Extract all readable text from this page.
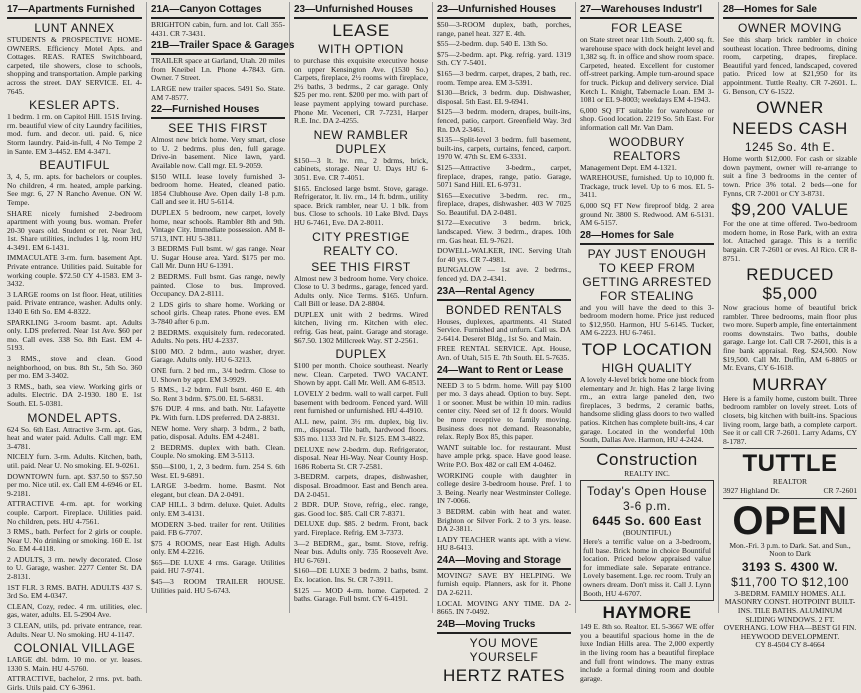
17—Apartments Furnished
LUNT ANNEX

STUDENTS & PROSPECTIVE HOME-OWNERS. Efficiency Motel Apts. and Cottages. REAS. RATES Switchboard, carpeted, tile showers, close to schools, shopping and transportation. Ample parking across the street. DAY SERVICE. EL 4-7645.

KESLER APTS.

1 bedrm. 1 rm. on Capitol Hill. 151S Irving. rm. beautiful view of city Laundry facilities, mod. furn. and decor. uti. paid. 6, nice Storm laundry. Paid-in-full, 4 No Tempe 2 in Sante. EM 3-4452. EM 4-3471.

BEAUTIFUL

3, 4, 5, rm. apts. for bachelors or couples. No children, 4 rm. heated, ample parking. See mgr. 6, 27 N Rancho Avenue. ON W. Tempe.

SHARE nicely furnished 2-bedroom apartment with young bus. woman. Prefer 20-30 years old. Student or ret. Near 3rd, 1st. Share utilities, includes 1 lg. room HU 4-3491. EM 6-1431.

IMMACULATE 3-rm. furn. basement Apt. Private entrance. Utilities paid. Suitable for working couple. $72.50 CY 4-1583. EM 3-3432.

3 LARGE rooms on 1st floor. Heat, utilities paid. Private entrance, washer. Adults only. 1340 E 6th So. EM 4-8322.

SPARKLING 3-room basmt. apt. Adults only. LDS preferred. Near 1st Ave. $60 per mo. Call eves. 338 So. 8th East. EM 4-5193.

3 RMS., stove and clean. Good neighborhood, on bus. 8th St., 5th So. 360 per mo. EM 3-3402.

3 RMS., bath, sea view. Working girls or adults. Electric. DA 2-1930. 180 E. 1st South. EL 5-0381.

MONDEL APTS.

624 So. 6th East. Attractive 3-rm. apt. Gas, heat and water paid. Adults. Call mgr. EM 3-4781.

NICELY furn. 3-rm. Adults. Kitchen, bath, util. paid. Near U. No smoking. EL 9-0261.

DOWNTOWN furn. apt. $37.50 to $57.50 per mo. Nice util. ex. Call EM 4-6946 or EL 9-2181.

ATTRACTIVE 4-rm. apt. for working couple. Carport. Fireplace. Utilities paid. No children, pets. HU 4-7561.

3 RMS., bath. Perfect for 2 girls or couple. Near U. No drinking or smoking. 160 E. 1st So. EM 4-4118.

2 ADULTS, 3 rm. newly decorated. Close to U. Garage, washer. 2277 Center St. DA 2-8131.

1ST FLR. 3 RMS. BATH. ADULTS 437 S. 3rd So. EM 4-0347.

CLEAN, Cozy, redec. 4 rm. utilities, elec. gas, water, adults. EL 5-2904 Ave.

3 CLEAN, utils, pd. private entrance, rear. Adults. Near U. No smoking. HU 4-1147.

COLONIAL VILLAGE

LARGE dbl. bdrm. 10 mo. or yr. leases. 1330 S. Main. HU 4-5760.

ATTRACTIVE, bachelor, 2 rms. pvt. bath. Girls. Utils paid. CY 6-3961.

21A—Canyon Cottages

BRIGHTON cabin, furn. and lot. Call 355-4431. CR 7-3431.

21B—Trailer Space & Garages

TRAILER space at Garland, Utah. 20 miles from Kneibel Ln. Phone 4-7843. Grn. Owner. 7 Street.

LARGE new trailer spaces. 5491 So. State. AM 7-8577.

22—Furnished Houses
SEE THIS FIRST

Almost new brick home. Very smart, close to U. 2 bedrms. plus den, full garage. Drive-in basement. Nice lawn, yard. Available now. Call mgr. EL 9-2059.

$150 WILL lease lovely furnished 3-bedroom home. Heated, cleaned patio. 1854 Clubhouse Ave. Open daily 1-8 p.m. Call and see it. HU 5-6114.

DUPLEX 5 bedroom, new carpet, lovely home, near schools. Rambler 8th and 9th. Vintage City. Immediate possession. AM 8-5713, INT. HU 5-3811.

3 BEDRMS Full bsmt. w/ gas range. Near U. Sugar House area. Yard. $175 per mo. Call Mr. Dunn HU 6-1391.

2 BEDRMS. Full bsmt. Gas range, newly painted. Close to bus. Improved. Occupancy. DA 2-8111.

2 LDS girls to share home. Working or school girls. Cheap rates. Phone eves. EM 3-7840 after 6 p.m.

2 BEDRMS. exquisitely furn. redecorated. Adults. No pets. HU 4-2337.

$100 MO. 2 bdrm., auto washer, dryer. Garage. Adults only. HU 6-3213.

ONE furn. 2 bed rm., 3/4 bedrm. Close to U. Shown by appt. EM 3-9929.

5 RMS., 1-2 bdrm. Full bsmt. 460 E. 4th So. Rent 3 bdrm. $75.00. EL 5-6831.

$76 DUP. 4 rms. and bath. Ntr. Lafayette Pk. With furn. LDS preferred. DA 2-8831.

NEW home. Very sharp. 3 bdrm., 2 bath, patio, disposal. Adults. EM 4-2481.

2 BEDRMS. duplex with bath. Clean. Couple. No smoking. EM 3-5113.

$50—$100, 1, 2, 3 bedrm. furn. 254 S. 6th West. EL 9-6891.

LARGE 3-bedrm. home. Basmt. Not elegant, but clean. DA 2-0491.

CAP HILL. 3 bdrm. deluxe. Quiet. Adults only. EM 3-4131.

MODERN 3-bed. trailer for rent. Utilities paid. FB 6-7707.

$75 4 ROOMS, near East High. Adults only. EM 4-2216.

$65—DE LUXE 4 rms. Garage. Utilities paid. HU 7-9741.

$45—3 ROOM TRAILER HOUSE. Utilities paid. HU 5-6743.

23—Unfurnished Houses
LEASE
WITH OPTION

to purchase this exquisite executive house on upper Kensington Ave. (1530 So.) Carpets, fireplace, 2½ rooms with fireplace, 2½ baths, 3 bedrms., 2 car garage. Only $25 per mo. rent. $200 per mo. with part of lease payment applying toward purchase. Phone Mr. Veceneri, CR 7-7231, Harper R.E. Inc. DA 2-4255.

NEW RAMBLER DUPLEX

$150—3 lt. hv. rm., 2 bdrms, brick, cabinets, storage. Near U. Days HU 6-3051. Eve. CR 7-4051.

$165. Enclosed large bsmt. Stove, garage. Refrigerator, lt. liv. rm., 14 ft. bdrm., utility space. Brick rambler, near U. 1 blk. from bus. Close to schools. 10 Lake Blvd. Days HU 6-7461, Eve. DA 2-8011.

CITY PRESTIGE REALTY CO.
SEE THIS FIRST

Almost new 3 bedroom home. Very choice. Close to U. 3 bedrms., garage, fenced yard. Adults only. Nice Terms. $165. Unfurn. Call Bill or lease. DA 2-8804.

DUPLEX unit with 2 bedrms. Wired kitchen, living rm. Kitchen with elec. refrig. Gas heat, paint. Garage and storage. $67.50. 1302 Millcreek Way. ST 2-2561.

DUPLEX

$100 per month. Choice southeast. Nearly new. Clean. Carpeted. TWO VACANT. Shown by appt. Call Mr. Well. AM 6-8513.

LOVELY 2 bedrm. wall to wall carpet. Full basement with bedroom. Fenced yard. Will rent furnished or unfurnished. HU 4-4910.

ALL new, paint. 3½ rm. duplex, big liv. rm., disposal. Tile bath, hardwood floors. $35 mo. 1133 3rd N. Fr. $125. EM 3-4822.

DELUXE new 2-bedrm. dup. Refrigerator, disposal. Near Hi-Way. Near County Hosp. 1686 Roberta St. CR 7-2581.

3-BEDRM. carpets, drapes, dishwasher, disposal. Broadmoor. East and Bench area. DA 2-0451.

2 BDR. DUP. Stove, refrig., elec. range, gas. Good loc. $85. Call CR 7-8371.

DELUXE dup. $85. 2 bedrm. Front, back yard. Fireplace. Refrig. EM 3-7373.

3—2 BEDRM., gar., bsmt. Stove, refrig. Near bus. Adults only. 735 Roosevelt Ave. HU 6-7691.

$160—DE LUXE 3 bedrm. 2 baths, bsmt. Ex. location. Ins. St. CR 7-3911.

$125 — MOD 4-rm. home. Carpeted. 2 baths. Garage. Full bsmt. CY 6-4191.

23—Unfurnished Houses

$50—3-ROOM duplex, bath, porches, range, panel heat. 327 E. 4th.

$55—2-bedrm. dup. 540 E. 13th So.

$75—2-bedrm. apt. Pkg. refrig. yard. 1319 Sth. CY 7-5401.

$165—3 bedrm. carpet, drapes, 2 bath, rec. room. Tempe area. EM 3-5391.

$130—Brick, 3 bedrm. dup. Dishwasher, disposal. 5th East. EL 9-6941.

$125—3 bedrm. modern, drapes, built-ins, fenced, patio, carport. Greenfield Way. 3rd Rn. DA 2-3461.

$135—Split-level 3 bedrm. full basement, built-ins, carpets, curtains, fenced, carport. 1970 W. 47th St. EM 6-3331.

$125—Attractive 3-bedrm., carpet, fireplace, drapes, range, patio. Garage, 5071 Sand Hill. EL 6-9731.

$165—Executive 3-bedrm. rec. rm., fireplace, drapes, dishwasher. 403 W 7025 So. Beautiful. DA 2-0481.

$172—Executive 3 bedrm. brick, landscaped. View. 3 bedrm., drapes. 10th rm. Gas heat. EL 9-7621.

DOWELL-WALKER, INC. Serving Utah for 40 yrs. CR 7-4981.

BUNGALOW — 1st ave. 2 bedrms., fenced yd. DA 2-4341.

23A—Rental Agency
BONDED RENTALS

Houses, duplexes, apartments. 41 Stated Service. Furnished and unfurn. Call us. DA 2-6414. Deseret Bldg., 1st So. and Main.

FREE RENTAL SERVICE. Apt. House, Avn. of Utah, 515 E. 7th South. EL 5-7635.

24—Want to Rent or Lease

NEED 3 to 5 bdrm. home. Will pay $100 per mo. 3 days ahead. Option to buy. Sept. 1 or sooner. Must be within 10 min. radius center city. Need set of 12 ft doors. Would be more receptive to family moving. Business does not demand. Reasonable, relax. Reply Box 85, this paper.

WANT suitable loc. for restaurant. Must have ample prkg. space. Have good lease. Write P.O. Box 482 or call EM 4-0462.

WORKING couple with daughter in college desire 3-bedroom house. Pref. 1 to 3. Being. Nearly near Westminster College. IN 7-0066.

3 BEDRM. cabin with heat and water. Brighton or Silver Fork. 2 to 3 yrs. lease. DA 2-3811.

LADY TEACHER wants apt. with a view. HU 8-6413.

24A—Moving and Storage

MOVING? SAVE BY HELPING. We furnish equip. Planners, ask for it. Phone DA 2-6211.

LOCAL MOVING ANY TIME. DA 2-8665. IN 7-0492.

24B—Moving Trucks
YOU MOVE YOURSELF
HERTZ RATES
27—Warehouses Industr'l
FOR LEASE

on State street near 11th South. 2,400 sq. ft. warehouse space with dock height level and 1,382 sq. ft. in office and show room space. Carpeted, heated. Excellent for customer off-street parking. Ample turn-around space for truck. Pickup and delivery service. Dial Ketch L. Knight, Tabernacle Loan. EM 3-1081 or EL 9-8003; weekdays EM 4-1943.

6,000 SQ FT suitable for warehouse or shop. Good location. 2219 So. 5th East. For information call Mr. Van Dam.

WOODBURY REALTORS

Management Dept. EM 4-1321.

WAREHOUSE, furnished. Up to 10,000 ft. Trackage, truck level. Up to 6 mos. EL 5-3411.

6,000 SQ FT New fireproof bldg. 2 area ground Nr. 3800 S. Redwood. AM 6-5131. AM 6-5157.

28—Homes for Sale
PAY JUST ENOUGH TO KEEP FROM GETTING ARRESTED FOR STEALING

and you will have the deed to this 3-bedroom modern home. Price just reduced to $12,950. Harmon, HU 5-6145. Tucker, AM 6-2223. HU 6-7461.

TOP LOCATION
HIGH QUALITY

A lovely 4-level brick home one block from elementary and Jr. high. Has 2 large living rm., an extra large paneled den, two fireplaces, 3 bedrms, 2 ceramic baths, handsome sliding glass doors to two walled patios. Kitchen has complete built-ins, 4 car garage. Located in the wonderful 10th South, Dallas Ave. Harmon, HU 4-2424.

Construction
REALTY INC.
Today's Open House
3-6 p.m.
6445 So. 600 East
(BOUNTIFUL)

Here's a terrific value on a 3-bedroom, full base. Brick home in choice Bountiful location. Priced below appraised value for immediate sale. Separate entrance. Lovely basement. Lge. rec room. Truly an owners dream. Don't miss it. Call J. Lynn Booth, HU 4-6707.

HAYMORE

149 E. 8th so. Realtor. EL 5-3667 WE offer you a beautiful spacious home in the de luxe Indian Hills area. The 2,000 expertly in the living room has a beautiful fireplace and full front windows. The many extras include a formal dining room and double garage.

28—Homes for Sale
OWNER MOVING

See this sharp brick rambler in choice southeast location. Three bedrooms, dining room, carpeting, drapes, fireplace. Beautiful yard fenced, landscaped, covered patio. Priced low at $21,950 for its appointment. Tuttle Realty. CR 7-2601. L. G. Benson, CY 6-1522.

OWNER
NEEDS CASH
1245 So. 4th E.

Home worth $12,000. For cash or sizable down payment, owner will re-arrange to suit a fine 3 bedrooms in the center of town. Price 3% total. 2 beds—one for Fynns, CR 7-2001 or CY 3-8731.

$9,200 VALUE

For the one at time offered. Two-bedroom modern home, in Rose Park, with an extra lot. Attached garage. This is a terrific bargain. CR 7-2601 or eves. Al Rico. CR 8-8751.

REDUCED $5,000

Now gracious home of beautiful brick rambler. Three bedrooms, main floor plus two more. Superb ample, fine entertainment rooms downstairs. Two baths, double garage. Large lot. Call CR 7-2601, this is a fine bank appraisal. Reg. $24,500. Now $19,500. Call Mr. Duffin, AM 6-8805 or Mr. Evans, CY 6-1618.

MURRAY

Here is a family home, custom built. Three bedroom rambler on lovely street. Lots of closets, big kitchen with built-ins. Spacious living room, large bath, a complete carport. See it or call CR 7-2601. Larry Adams, CY 8-1787.

TUTTLE
REALTOR
3927 Highland Dr.	CR 7-2601
OPEN

Mon.-Fri. 3 p.m. to Dark. Sat. and Sun., Noon to Dark

3193 S. 4300 W.
$11,700 TO $12,100

3-BEDRM. FAMILY HOMES. ALL MASONRY CONST. HOTPOINT BUILT-INS. TILE BATHS. ALUMINUM SLIDING WINDOWS. 2 FT. OVERHANG. LOW FHA—BEST GI FIN. HEYWOOD DEVELOPMENT.

CY 8-4504 CY 8-4664
